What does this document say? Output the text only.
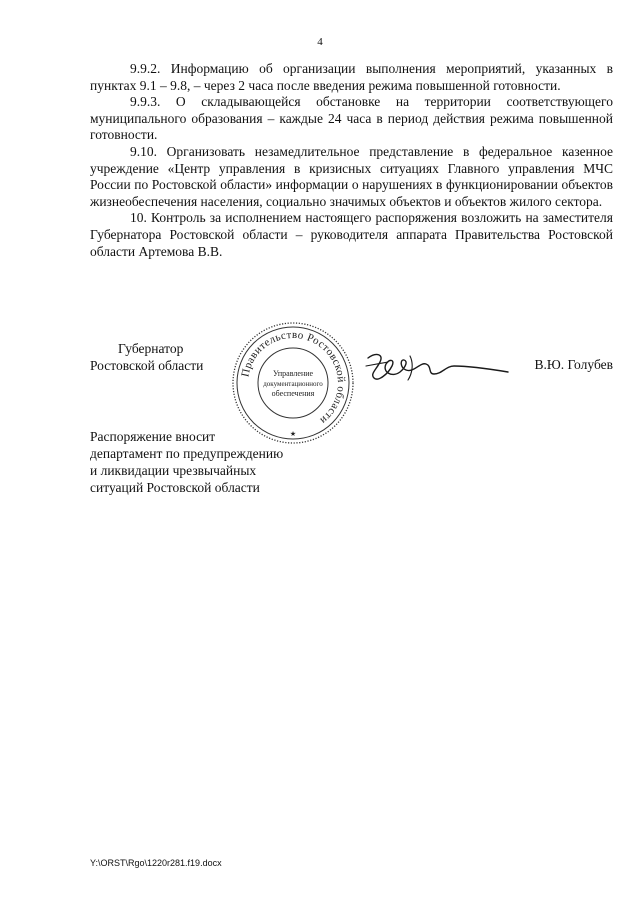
4

9.9.2. Информацию об организации выполнения мероприятий, указанных в пунктах 9.1 – 9.8, – через 2 часа после введения режима повышенной готовности.

9.9.3. О складывающейся обстановке на территории соответствующего муниципального образования – каждые 24 часа в период действия режима повышенной готовности.

9.10. Организовать незамедлительное представление в федеральное казенное учреждение «Центр управления в кризисных ситуациях Главного управления МЧС России по Ростовской области» информации о нарушениях в функционировании объектов жизнеобеспечения населения, социально значимых объектов и объектов жилого сектора.

10. Контроль за исполнением настоящего распоряжения возложить на заместителя Губернатора Ростовской области – руководителя аппарата Правительства Ростовской области Артемова В.В.

Губернатор
Ростовской области	Правительство Ростовской области
Управление
документационного
обеспечения
★
В.Ю. Голубев
Распоряжение вносит
департамент по предупреждению
и ликвидации чрезвычайных
ситуаций Ростовской области
Y:\ORST\Rgo\1220r281.f19.docx
